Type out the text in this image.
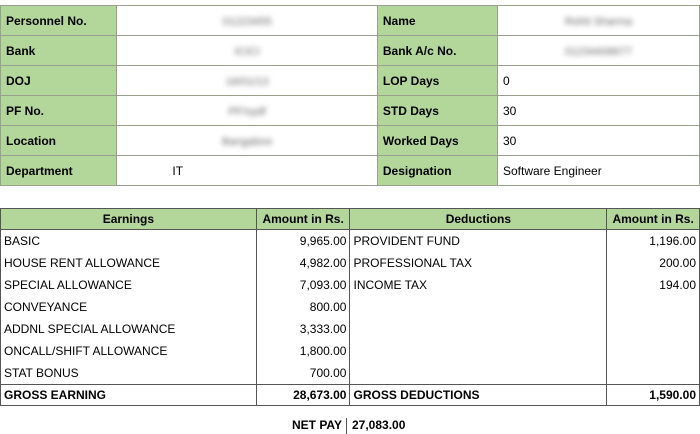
Personnel No.	01223455	Name	Rohit Sharma
Bank	ICICI	Bank A/c No.	01234408677
DOJ	16/01/13	LOP Days	0
PF No.	PF/xydf	STD Days	30
Location	Bangalore	Worked Days	30
Department	IT	Designation	Software Engineer
Earnings	Amount in Rs.	Deductions	Amount in Rs.
BASIC	9,965.00	PROVIDENT FUND	1,196.00
HOUSE RENT ALLOWANCE	4,982.00	PROFESSIONAL TAX	200.00
SPECIAL ALLOWANCE	7,093.00	INCOME TAX	194.00
CONVEYANCE	800.00		
ADDNL SPECIAL ALLOWANCE	3,333.00		
ONCALL/SHIFT ALLOWANCE	1,800.00		
STAT BONUS	700.00		
GROSS EARNING	28,673.00	GROSS DEDUCTIONS	1,590.00
NET PAY 27,083.00
